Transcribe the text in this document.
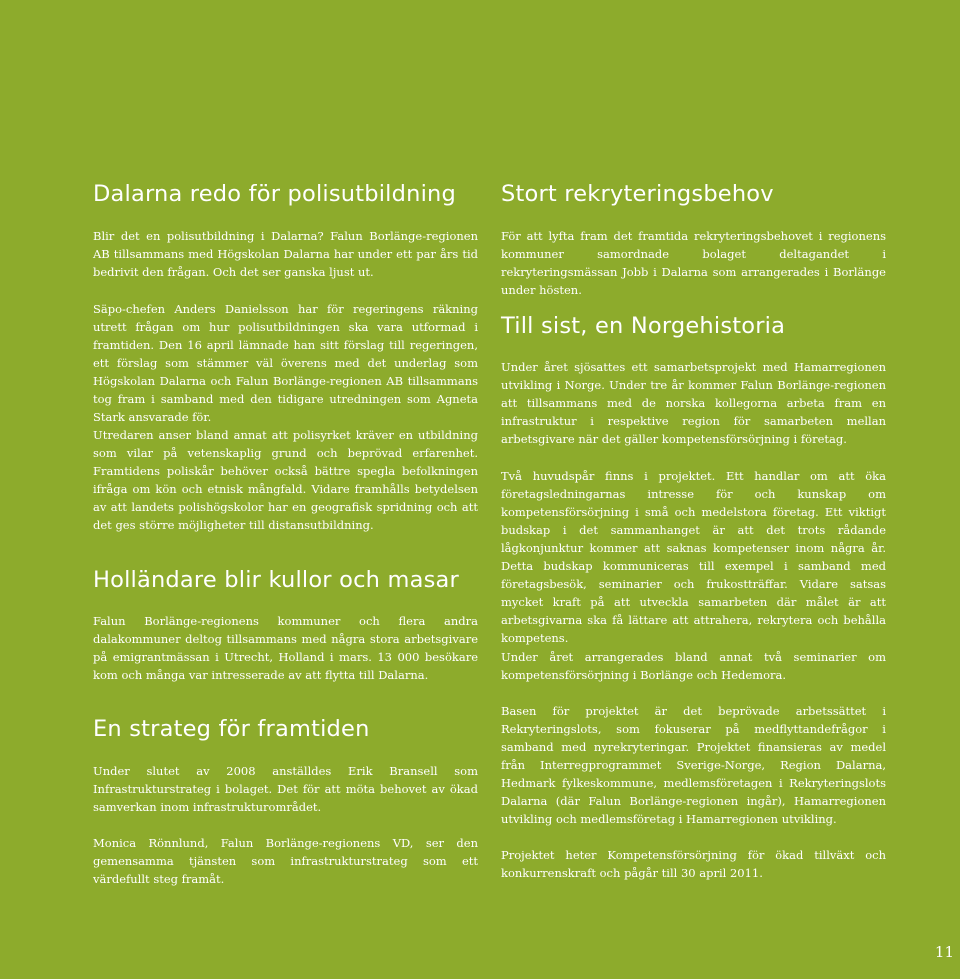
Dalarna redo för polisutbildning

Blir det en polisutbildning i Dalarna? Falun Borlänge-regionen AB tillsammans med Högskolan Dalarna har under ett par års tid bedrivit den frågan. Och det ser ganska ljust ut.

Säpo-chefen Anders Danielsson har för regeringens räkning utrett frågan om hur polisutbildningen ska vara utformad i framtiden. Den 16 april lämnade han sitt förslag till regeringen, ett förslag som stämmer väl överens med det underlag som Högskolan Dalarna och Falun Borlänge-regionen AB tillsammans tog fram i samband med den tidigare utredningen som Agneta Stark ansvarade för.

Utredaren anser bland annat att polisyrket kräver en utbildning som vilar på vetenskaplig grund och beprövad erfarenhet. Framtidens poliskår behöver också bättre spegla befolkningen ifråga om kön och etnisk mångfald. Vidare framhålls betydelsen av att landets polishögskolor har en geografisk spridning och att det ges större möjligheter till distansutbildning.

Holländare blir kullor och masar

Falun Borlänge-regionens kommuner och flera andra dalakommuner deltog tillsammans med några stora arbetsgivare på emigrantmässan i Utrecht, Holland i mars. 13 000 besökare kom och många var intresserade av att flytta till Dalarna.

En strateg för framtiden

Under slutet av 2008 anställdes Erik Bransell som Infrastrukturstrateg i bolaget. Det för att möta behovet av ökad samverkan inom infrastrukturområdet.

Monica Rönnlund, Falun Borlänge-regionens VD, ser den gemensamma tjänsten som infrastrukturstrateg som ett värdefullt steg framåt.

Stort rekryteringsbehov

För att lyfta fram det framtida rekryteringsbehovet i regionens kommuner samordnade bolaget deltagandet i rekryteringsmässan Jobb i Dalarna som arrangerades i Borlänge under hösten.

Till sist, en Norgehistoria

Under året sjösattes ett samarbetsprojekt med Hamarregionen utvikling i Norge. Under tre år kommer Falun Borlänge-regionen att tillsammans med de norska kollegorna arbeta fram en infrastruktur i respektive region för samarbeten mellan arbetsgivare när det gäller kompetensförsörjning i företag.

Två huvudspår finns i projektet. Ett handlar om att öka företagsledningarnas intresse för och kunskap om kompetensförsörjning i små och medelstora företag. Ett viktigt budskap i det sammanhanget är att det trots rådande lågkonjunktur kommer att saknas kompetenser inom några år. Detta budskap kommuniceras till exempel i samband med företagsbesök, seminarier och frukostträffar. Vidare satsas mycket kraft på att utveckla samarbeten där målet är att arbetsgivarna ska få lättare att attrahera, rekrytera och behålla kompetens.

Under året arrangerades bland annat två seminarier om kompetensförsörjning i Borlänge och Hedemora.

Basen för projektet är det beprövade arbetssättet i Rekryteringslots, som fokuserar på medflyttandefrågor i samband med nyrekryteringar. Projektet finansieras av medel från Interregprogrammet Sverige-Norge, Region Dalarna, Hedmark fylkeskommune, medlemsföretagen i Rekryteringslots Dalarna (där Falun Borlänge-regionen ingår), Hamarregionen utvikling och medlemsföretag i Hamarregionen utvikling.

Projektet heter Kompetensförsörjning för ökad tillväxt och konkurrenskraft och pågår till 30 april 2011.

11
